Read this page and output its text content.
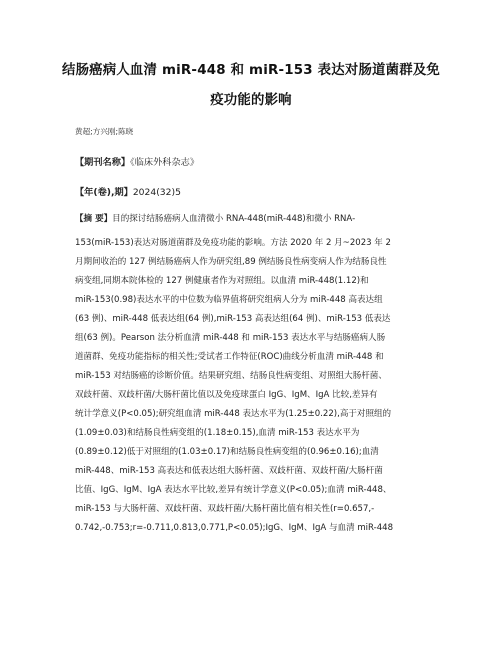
结肠癌病人血清 miR-448 和 miR-153 表达对肠道菌群及免
疫功能的影响
黄超;方兴刚;陈晓
【期刊名称】《临床外科杂志》
【年(卷),期】2024(32)5
【摘 要】目的探讨结肠癌病人血清微小 RNA-448(miR-448)和微小 RNA-
153(miR-153)表达对肠道菌群及免疫功能的影响。方法 2020 年 2 月~2023 年 2
月期间收治的 127 例结肠癌病人作为研究组,89 例结肠良性病变病人作为结肠良性
病变组,同期本院体检的 127 例健康者作为对照组。以血清 miR-448(1.12)和
miR-153(0.98)表达水平的中位数为临界值将研究组病人分为 miR-448 高表达组
(63 例)、miR-448 低表达组(64 例),miR-153 高表达组(64 例)、miR-153 低表达
组(63 例)。Pearson 法分析血清 miR-448 和 miR-153 表达水平与结肠癌病人肠
道菌群、免疫功能指标的相关性;受试者工作特征(ROC)曲线分析血清 miR-448 和
miR-153 对结肠癌的诊断价值。结果研究组、结肠良性病变组、对照组大肠杆菌、
双歧杆菌、双歧杆菌/大肠杆菌比值以及免疫球蛋白 IgG、IgM、IgA 比较,差异有
统计学意义(P<0.05);研究组血清 miR-448 表达水平为(1.25±0.22),高于对照组的
(1.09±0.03)和结肠良性病变组的(1.18±0.15),血清 miR-153 表达水平为
(0.89±0.12)低于对照组的(1.03±0.17)和结肠良性病变组的(0.96±0.16);血清
miR-448、miR-153 高表达和低表达组大肠杆菌、双歧杆菌、双歧杆菌/大肠杆菌
比值、IgG、IgM、IgA 表达水平比较,差异有统计学意义(P<0.05);血清 miR-448、
miR-153 与大肠杆菌、双歧杆菌、双歧杆菌/大肠杆菌比值有相关性(r=0.657,-
0.742,-0.753;r=-0.711,0.813,0.771,P<0.05);IgG、IgM、IgA 与血清 miR-448
